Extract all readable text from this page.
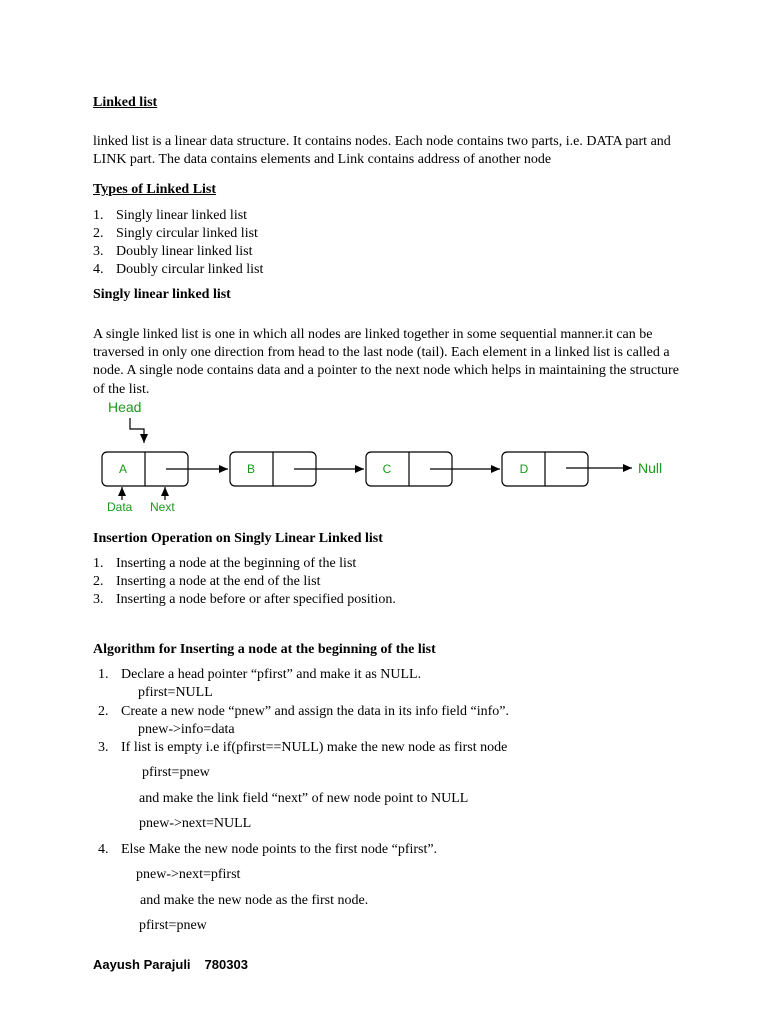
Linked list

linked list is a linear data structure. It contains nodes. Each node contains two parts, i.e. DATA part and LINK part. The data contains elements and Link contains address of another node

Types of Linked List

1. Singly linear linked list
2. Singly circular linked list
3. Doubly linear linked list
4. Doubly circular linked list

Singly linear linked list

A single linked list is one in which all nodes are linked together in some sequential manner.it can be traversed in only one direction from head to the last node (tail). Each element in a linked list is called a node. A single node contains data and a pointer to the next node which helps in maintaining the structure of the list.

Head
A	B	C	D	Null
Data Next

Insertion Operation on Singly Linear Linked list

1. Inserting a node at the beginning of the list
2. Inserting a node at the end of the list
3. Inserting a node before or after specified position.

Algorithm for Inserting a node at the beginning of the list

1. Declare a head pointer “pfirst” and make it as NULL.

pfirst=NULL

2. Create a new node “pnew” and assign the data in its info field “info”.

pnew->info=data

3. If list is empty i.e if(pfirst==NULL) make the new node as first node

pfirst=pnew

and make the link field “next” of new node point to NULL

pnew->next=NULL

4. Else Make the new node points to the first node “pfirst”.

pnew->next=pfirst

and make the new node as the first node.

pfirst=pnew

Aayush Parajuli 780303
